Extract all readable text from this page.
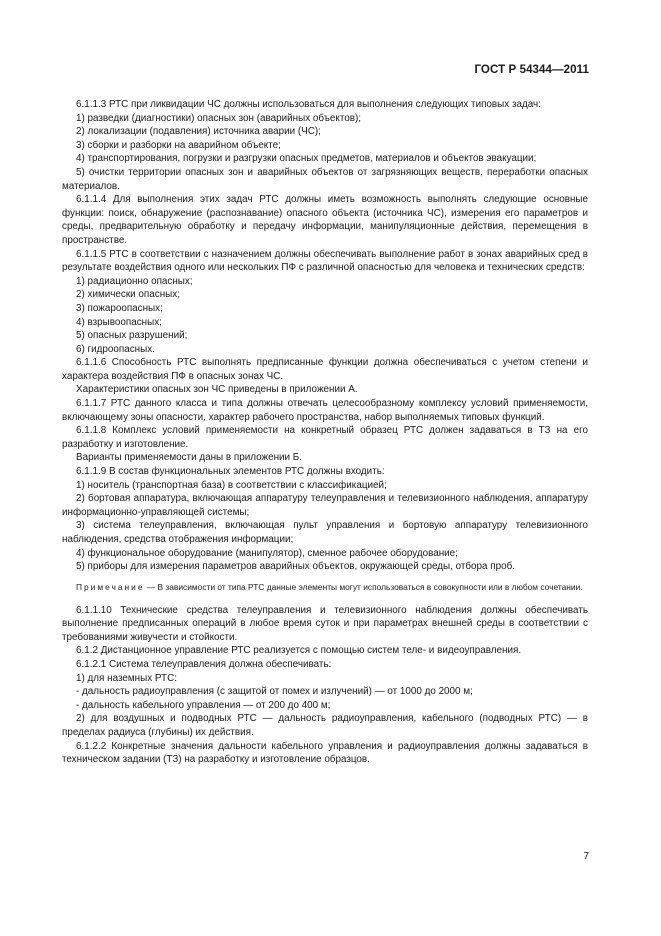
ГОСТ Р 54344—2011

6.1.1.3 РТС при ликвидации ЧС должны использоваться для выполнения следующих типовых задач:

1) разведки (диагностики) опасных зон (аварийных объектов);

2) локализации (подавления) источника аварии (ЧС);

3) сборки и разборки на аварийном объекте;

4) транспортирования, погрузки и разгрузки опасных предметов, материалов и объектов эвакуации;

5) очистки территории опасных зон и аварийных объектов от загрязняющих веществ, переработки опасных материалов.

6.1.1.4 Для выполнения этих задач РТС должны иметь возможность выполнять следующие основные функции: поиск, обнаружение (распознавание) опасного объекта (источника ЧС), измерения его параметров и среды, предварительную обработку и передачу информации, манипуляционные действия, перемещения в пространстве.

6.1.1.5 РТС в соответствии с назначением должны обеспечивать выполнение работ в зонах аварийных сред в результате воздействия одного или нескольких ПФ с различной опасностью для человека и технических средств:

1) радиационно опасных;

2) химически опасных;

3) пожароопасных;

4) взрывоопасных;

5) опасных разрушений;

6) гидроопасных.

6.1.1.6 Способность РТС выполнять предписанные функции должна обеспечиваться с учетом степени и характера воздействия ПФ в опасных зонах ЧС.

Характеристики опасных зон ЧС приведены в приложении А.

6.1.1.7 РТС данного класса и типа должны отвечать целесообразному комплексу условий применяемости, включающему зоны опасности, характер рабочего пространства, набор выполняемых типовых функций.

6.1.1.8 Комплекс условий применяемости на конкретный образец РТС должен задаваться в ТЗ на его разработку и изготовление.

Варианты применяемости даны в приложении Б.

6.1.1.9 В состав функциональных элементов РТС должны входить:

1) носитель (транспортная база) в соответствии с классификацией;

2) бортовая аппаратура, включающая аппаратуру телеуправления и телевизионного наблюдения, аппаратуру информационно-управляющей системы;

3) система телеуправления, включающая пульт управления и бортовую аппаратуру телевизионного наблюдения, средства отображения информации;

4) функциональное оборудование (манипулятор), сменное рабочее оборудование;

5) приборы для измерения параметров аварийных объектов, окружающей среды, отбора проб.

Примечание — В зависимости от типа РТС данные элементы могут использоваться в совокупности или в любом сочетании.

6.1.1.10 Технические средства телеуправления и телевизионного наблюдения должны обеспечивать выполнение предписанных операций в любое время суток и при параметрах внешней среды в соответствии с требованиями живучести и стойкости.

6.1.2 Дистанционное управление РТС реализуется с помощью систем теле- и видеоуправления.

6.1.2.1 Система телеуправления должна обеспечивать:

1) для наземных РТС:

- дальность радиоуправления (с защитой от помех и излучений) — от 1000 до 2000 м;

- дальность кабельного управления — от 200 до 400 м;

2) для воздушных и подводных РТС — дальность радиоуправления, кабельного (подводных РТС) — в пределах радиуса (глубины) их действия.

6.1.2.2 Конкретные значения дальности кабельного управления и радиоуправления должны задаваться в техническом задании (ТЗ) на разработку и изготовление образцов.

7
